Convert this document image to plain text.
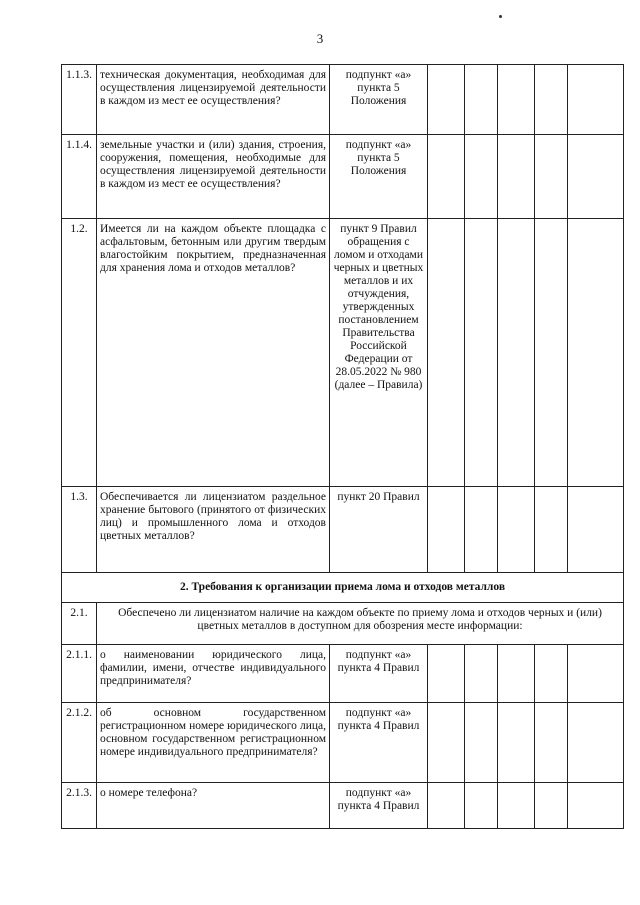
3
1.1.3.	техническая документация, необходимая для осуществления лицензируемой деятельности в каждом из мест ее осуществления?	подпункт «а» пункта 5 Положения					
1.1.4.	земельные участки и (или) здания, строения, сооружения, помещения, необходимые для осуществления лицензируемой деятельности в каждом из мест ее осуществления?	подпункт «а» пункта 5 Положения					
1.2.	Имеется ли на каждом объекте площадка с асфальтовым, бетонным или другим твердым влагостойким покрытием, предназначенная для хранения лома и отходов металлов?	пункт 9 Правил обращения с ломом и отходами черных и цветных металлов и их отчуждения, утвержденных постановлением Правительства Российской Федерации от 28.05.2022 № 980 (далее – Правила)					
1.3.	Обеспечивается ли лицензиатом раздельное хранение бытового (принятого от физических лиц) и промышленного лома и отходов цветных металлов?	пункт 20 Правил					
2. Требования к организации приема лома и отходов металлов							
2.1.	Обеспечено ли лицензиатом наличие на каждом объекте по приему лома и отходов черных и (или) цветных металлов в доступном для обозрения месте информации:						
2.1.1.	о наименовании юридического лица, фамилии, имени, отчестве индивидуального предпринимателя?	подпункт «а» пункта 4 Правил					
2.1.2.	об основном государственном регистрационном номере юридического лица, основном государственном регистрационном номере индивидуального предпринимателя?	подпункт «а» пункта 4 Правил					
2.1.3.	о номере телефона?	подпункт «а» пункта 4 Правил					
